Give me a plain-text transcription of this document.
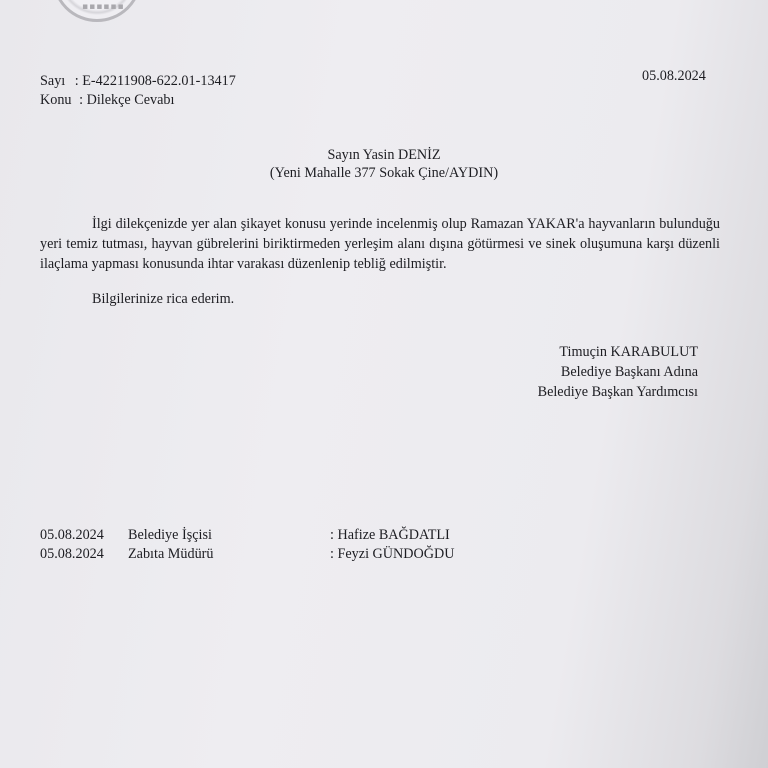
▪▪▪▪▪▪
Sayı : E-42211908-622.01-13417
Konu : Dilekçe Cevabı
05.08.2024
Sayın Yasin DENİZ
(Yeni Mahalle 377 Sokak Çine/AYDIN)
İlgi dilekçenizde yer alan şikayet konusu yerinde incelenmiş olup Ramazan YAKAR'a hayvanların bulunduğu yeri temiz tutması, hayvan gübrelerini biriktirmeden yerleşim alanı dışına götürmesi ve sinek oluşumuna karşı düzenli ilaçlama yapması konusunda ihtar varakası düzenlenip tebliğ edilmiştir.
Bilgilerinize rica ederim.
Timuçin KARABULUT
Belediye Başkanı Adına
Belediye Başkan Yardımcısı
05.08.2024 Belediye İşçisi	: Hafize BAĞDATLI
05.08.2024 Zabıta Müdürü	: Feyzi GÜNDOĞDU
